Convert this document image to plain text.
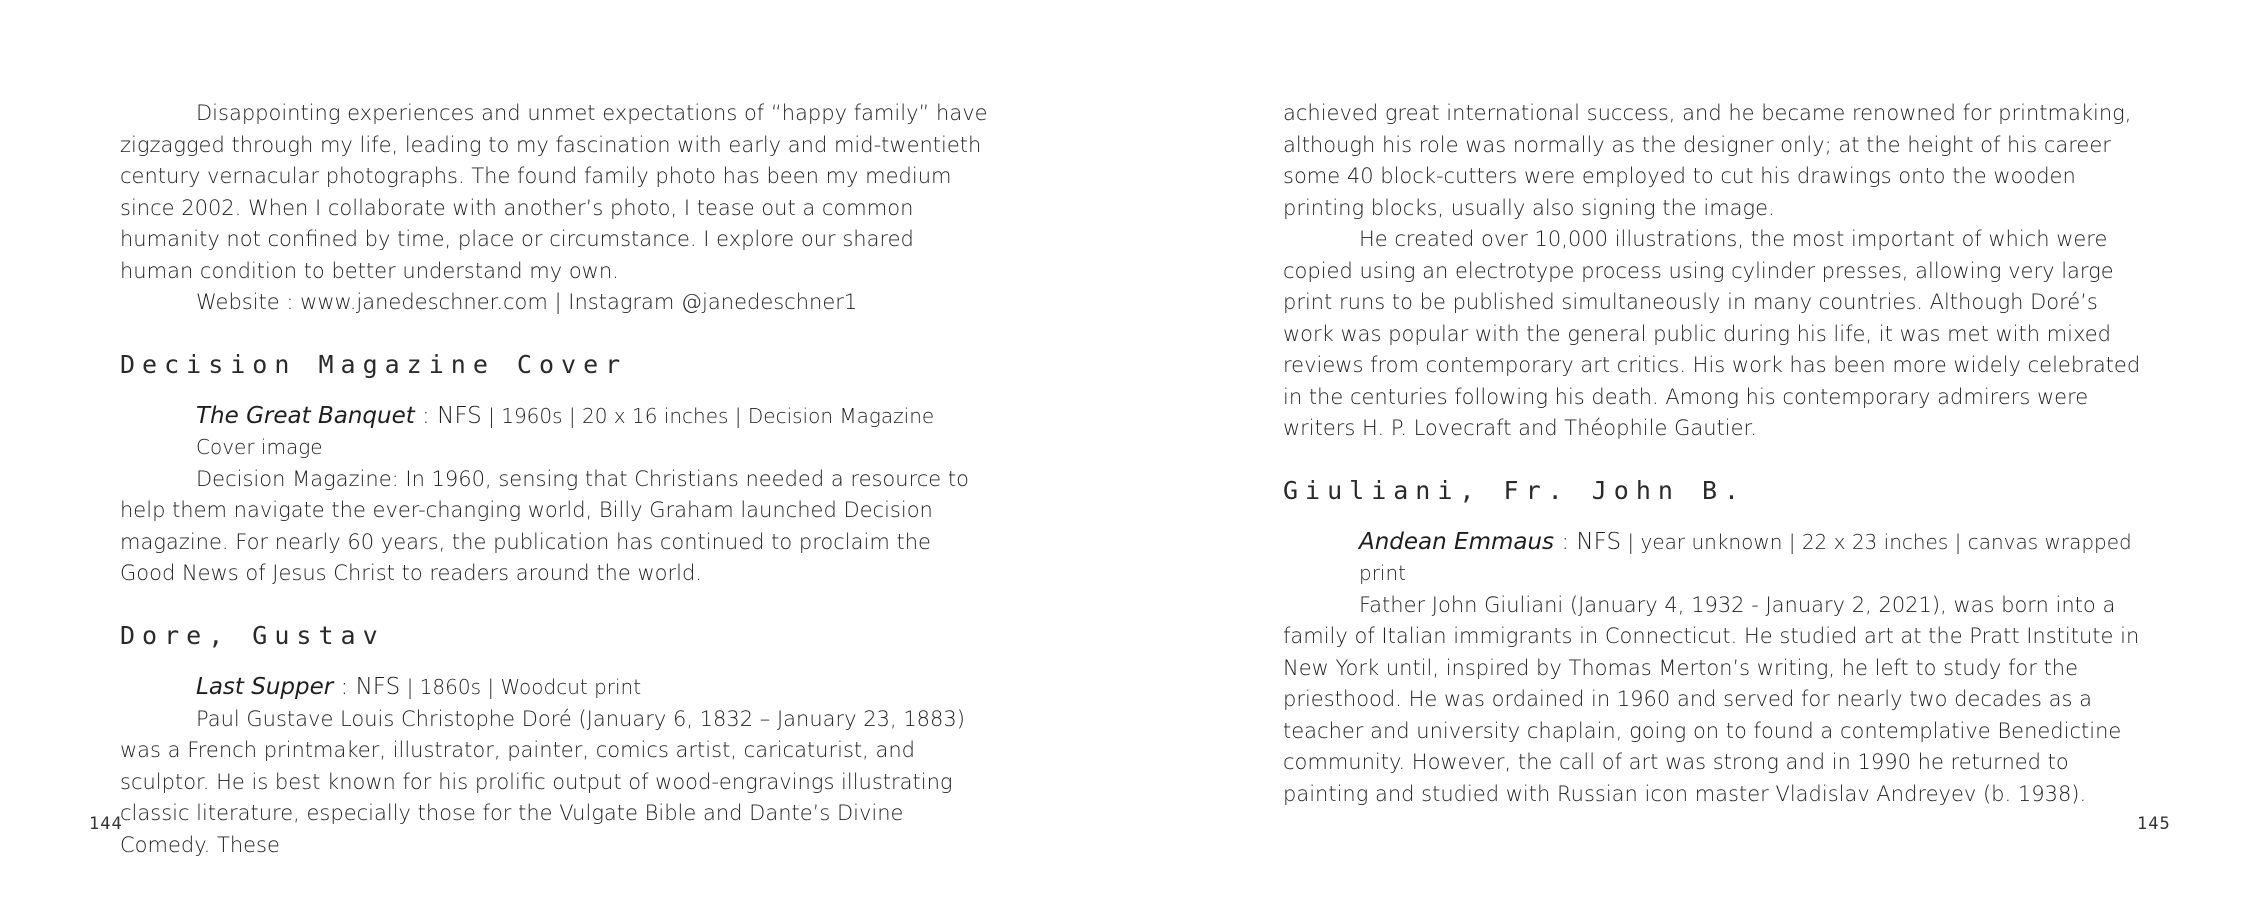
Disappointing experiences and unmet expectations of “happy family” have zigzagged through my life, leading to my fascination with early and mid-twentieth century vernacular photographs. The found family photo has been my medium since 2002. When I collaborate with another’s photo, I tease out a common humanity not confined by time, place or circumstance. I explore our shared human condition to better understand my own.

Website : www.janedeschner.com | Instagram @janedeschner1

Decision Magazine Cover

The Great Banquet : NFS | 1960s | 20 x 16 inches | Decision Magazine Cover image

Decision Magazine: In 1960, sensing that Christians needed a resource to help them navigate the ever-changing world, Billy Graham launched Decision magazine. For nearly 60 years, the publication has continued to proclaim the Good News of Jesus Christ to readers around the world.

Dore, Gustav

Last Supper : NFS | 1860s | Woodcut print

Paul Gustave Louis Christophe Doré (January 6, 1832 – January 23, 1883) was a French printmaker, illustrator, painter, comics artist, caricaturist, and sculptor. He is best known for his prolific output of wood-engravings illustrating classic literature, especially those for the Vulgate Bible and Dante’s Divine Comedy. These

144

achieved great international success, and he became renowned for printmaking, although his role was normally as the designer only; at the height of his career some 40 block-cutters were employed to cut his drawings onto the wooden printing blocks, usually also signing the image.

He created over 10,000 illustrations, the most important of which were copied using an electrotype process using cylinder presses, allowing very large print runs to be published simultaneously in many countries. Although Doré’s work was popular with the general public during his life, it was met with mixed reviews from contemporary art critics. His work has been more widely celebrated in the centuries following his death. Among his contemporary admirers were writers H. P. Lovecraft and Théophile Gautier.

Giuliani, Fr. John B.

Andean Emmaus : NFS | year unknown | 22 x 23 inches | canvas wrapped print

Father John Giuliani (January 4, 1932 - January 2, 2021), was born into a family of Italian immigrants in Connecticut. He studied art at the Pratt Institute in New York until, inspired by Thomas Merton’s writing, he left to study for the priesthood. He was ordained in 1960 and served for nearly two decades as a teacher and university chaplain, going on to found a contemplative Benedictine community. However, the call of art was strong and in 1990 he returned to painting and studied with Russian icon master Vladislav Andreyev (b. 1938).

145
